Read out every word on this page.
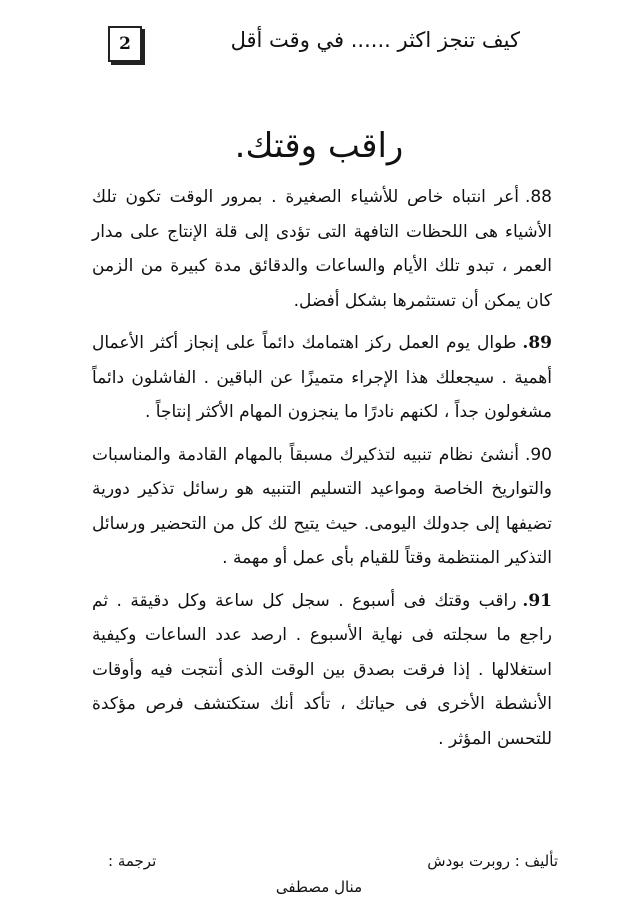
كيف تنجز اكثر ...... في وقت أقل
2
راقب وقتك.
88.أعر انتباه خاص للأشياء الصغيرة . بمرور الوقت تكون تلك الأشياء هى اللحظات التافهة التى تؤدى إلى قلة الإنتاج على مدار العمر ، تبدو تلك الأيام والساعات والدقائق مدة كبيرة من الزمن كان يمكن أن تستثمرها بشكل أفضل.
89.طوال يوم العمل ركز اهتمامك دائماً على إنجاز أكثر الأعمال أهمية . سيجعلك هذا الإجراء متميزًا عن الباقين . الفاشلون دائماً مشغولون جداً ، لكنهم نادرًا ما ينجزون المهام الأكثر إنتاجاً .
90.أنشئ نظام تنبيه لتذكيرك مسبقاً بالمهام القادمة والمناسبات والتواريخ الخاصة ومواعيد التسليم التنبيه هو رسائل تذكير دورية تضيفها إلى جدولك اليومى. حيث يتيح لك كل من التحضير ورسائل التذكير المنتظمة وقتاً للقيام بأى عمل أو مهمة .
91.راقب وقتك فى أسبوع . سجل كل ساعة وكل دقيقة . ثم راجع ما سجلته فى نهاية الأسبوع . ارصد عدد الساعات وكيفية استغلالها . إذا فرقت بصدق بين الوقت الذى أنتجت فيه وأوقات الأنشطة الأخرى فى حياتك ، تأكد أنك ستكتشف فرص مؤكدة للتحسن المؤثر .
تأليف : روبرت بودش
ترجمة :
منال مصطفى
